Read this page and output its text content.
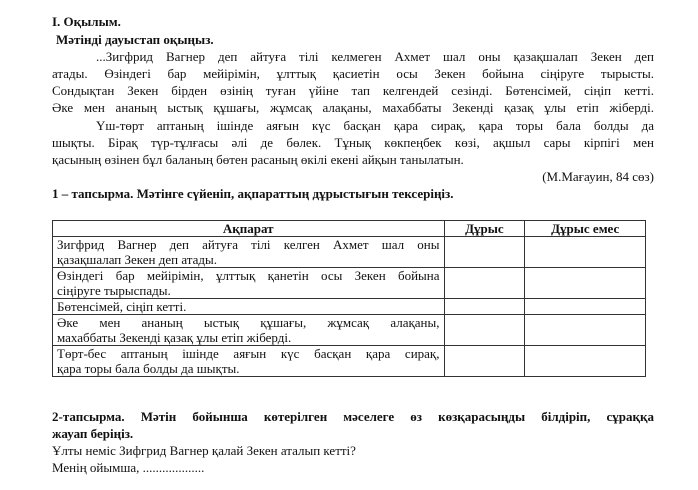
I. Оқылым.
Мәтінді дауыстап оқыңыз.
...Зигфрид Вагнер деп айтуға тілі келмеген Ахмет шал оны қазақшалап Зекен деп
атады. Өзіндегі бар мейірімін, ұлттық қасиетін осы Зекен бойына сіңіруге тырысты.
Сондықтан Зекен бірден өзінің туған үйіне тап келгендей сезінді. Бөтенсімей, сіңіп кетті.
Әке мен ананың ыстық құшағы, жұмсақ алақаны, махаббаты Зекенді қазақ ұлы етіп жіберді.
Үш-төрт аптаның ішінде аяғын күс басқан қара сирақ, қара торы бала болды да
шықты. Бірақ түр-тұлғасы әлі де бөлек. Тұнық көкпеңбек көзі, ақшыл сары кірпігі мен
қасының өзінен бұл баланың бөтен расаның өкілі екені айқын танылатын.
(М.Мағауин, 84 сөз)
1 – тапсырма. Мәтінге сүйеніп, ақпараттың дұрыстығын тексеріңіз.
Ақпарат	Дұрыс	Дұрыс емес

Зигфрид Вагнер деп айтуға тілі келген Ахмет шал оны
қазақшалап Зекен деп атады.		

Өзіндегі бар мейірімін, ұлттық қанетін осы Зекен бойына
сіңіруге тырыспады.		

Бөтенсімей, сіңіп кетті.		

Әке мен ананың ыстық құшағы, жұмсақ алақаны,
махаббаты Зекенді қазақ ұлы етіп жіберді.		

Төрт-бес аптаның ішінде аяғын күс басқан қара сирақ,
қара торы бала болды да шықты.		

2-тапсырма. Мәтін бойынша көтерілген мәселеге өз көзқарасыңды білдіріп, сұраққа
жауап беріңіз.
Ұлты неміс Зифгрид Вагнер қалай Зекен аталып кетті?
Менің ойымша, ...................
